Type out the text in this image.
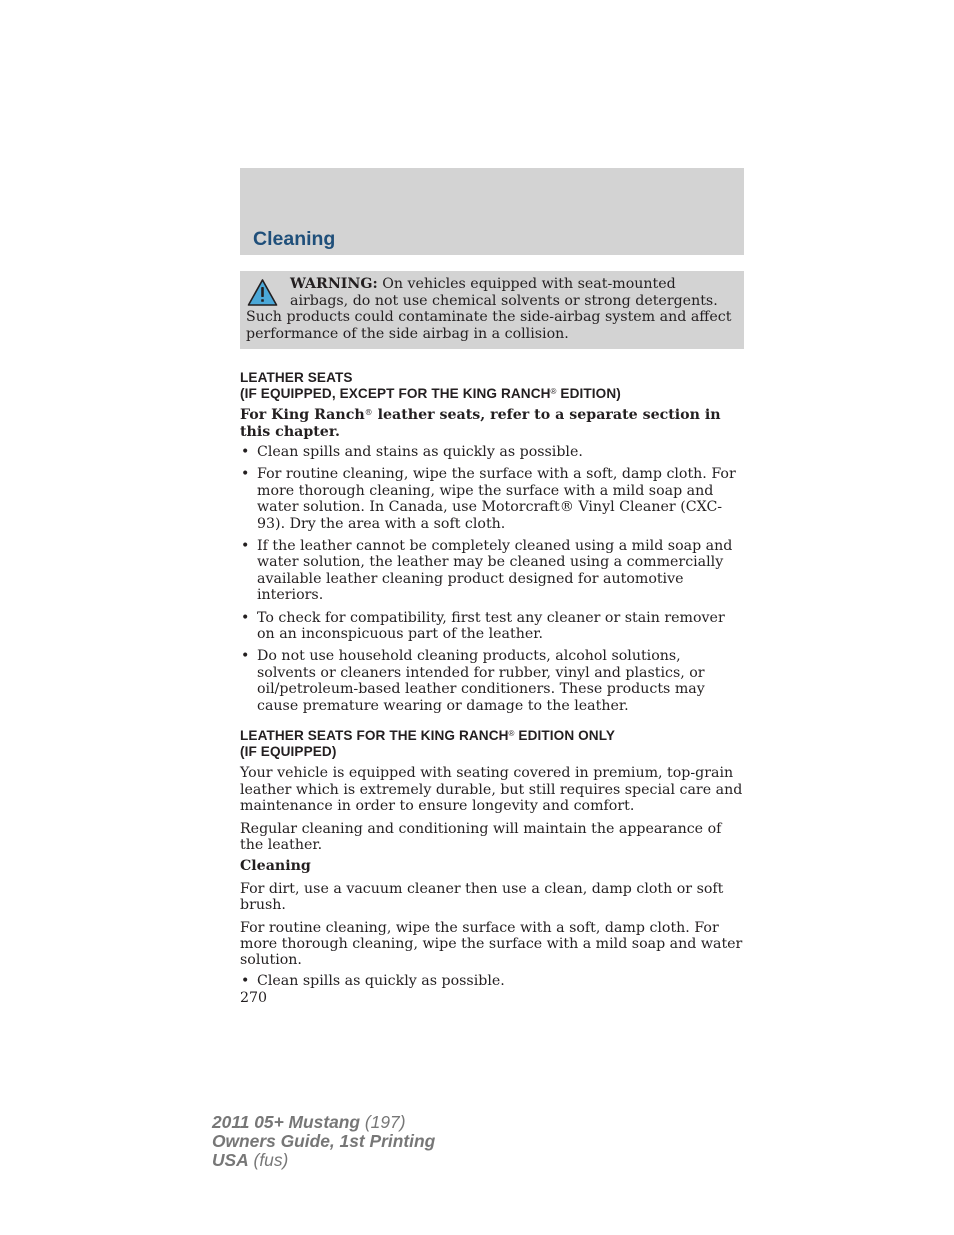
Cleaning
WARNING: On vehicles equipped with seat-mounted airbags, do not use chemical solvents or strong detergents. Such products could contaminate the side-airbag system and affect performance of the side airbag in a collision.
LEATHER SEATS
(IF EQUIPPED, EXCEPT FOR THE KING RANCH® EDITION)

For King Ranch® leather seats, refer to a separate section in this chapter.

• Clean spills and stains as quickly as possible.
• For routine cleaning, wipe the surface with a soft, damp cloth. For more thorough cleaning, wipe the surface with a mild soap and water solution. In Canada, use Motorcraft® Vinyl Cleaner (CXC-93). Dry the area with a soft cloth.
• If the leather cannot be completely cleaned using a mild soap and water solution, the leather may be cleaned using a commercially available leather cleaning product designed for automotive interiors.
• To check for compatibility, first test any cleaner or stain remover on an inconspicuous part of the leather.
• Do not use household cleaning products, alcohol solutions, solvents or cleaners intended for rubber, vinyl and plastics, or oil/petroleum-based leather conditioners. These products may cause premature wearing or damage to the leather.
LEATHER SEATS FOR THE KING RANCH® EDITION ONLY
(IF EQUIPPED)

Your vehicle is equipped with seating covered in premium, top-grain leather which is extremely durable, but still requires special care and maintenance in order to ensure longevity and comfort.

Regular cleaning and conditioning will maintain the appearance of the leather.

Cleaning

For dirt, use a vacuum cleaner then use a clean, damp cloth or soft brush.

For routine cleaning, wipe the surface with a soft, damp cloth. For more thorough cleaning, wipe the surface with a mild soap and water solution.

• Clean spills as quickly as possible.
270
2011 05+ Mustang (197)
Owners Guide, 1st Printing
USA (fus)
